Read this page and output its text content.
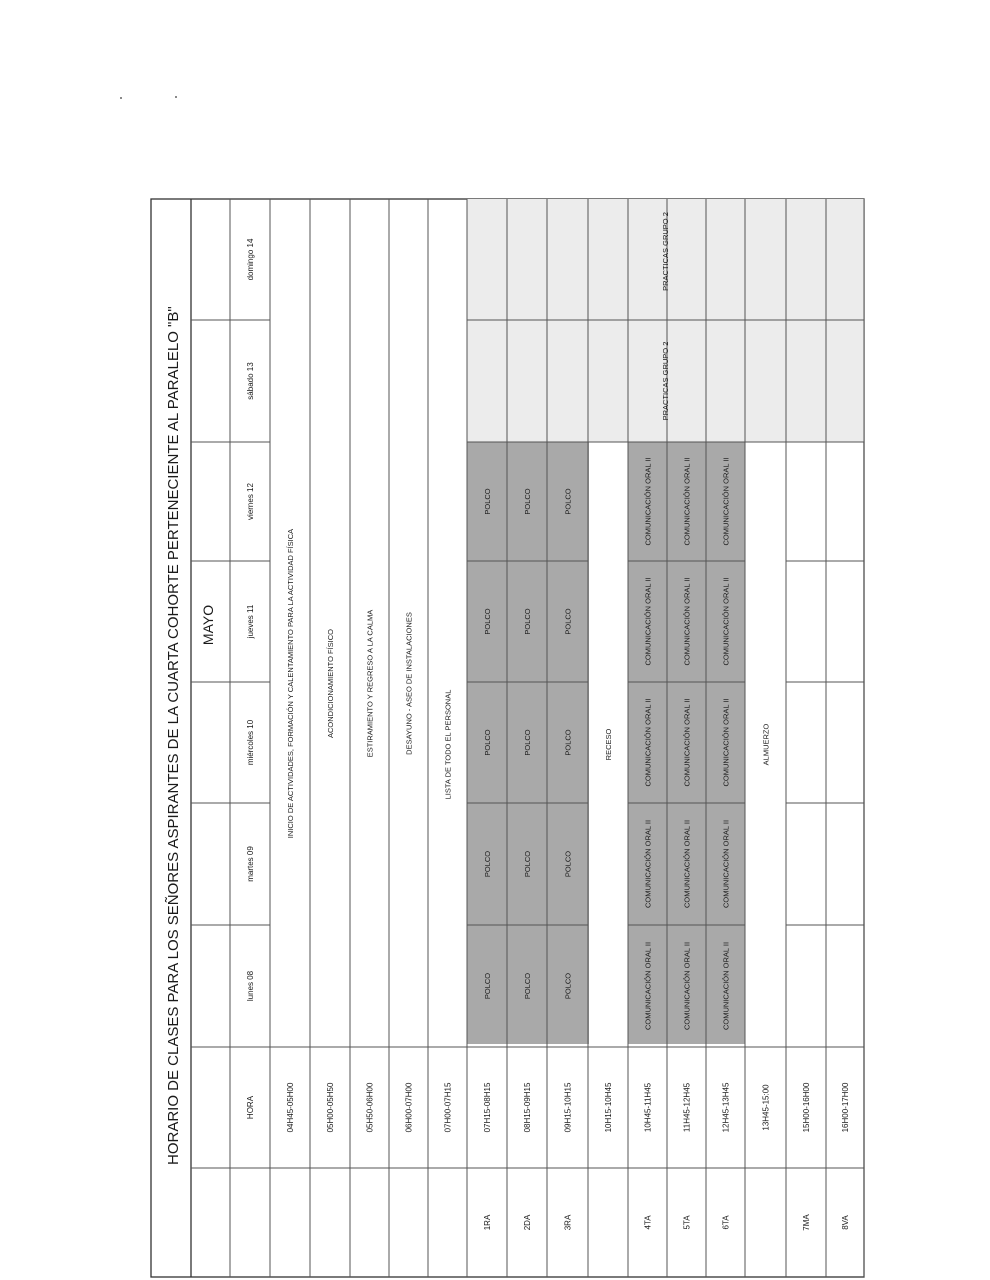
HORARIO DE CLASES PARA LOS SEÑORES ASPIRANTES DE LA CUARTA COHORTE PERTENECIENTE AL PARALELO "B" MAYO
HORA
lunes 08
martes 09
miércoles 10
jueves 11
viernes 12
sábado 13
domingo 14
04H45-05H00
INICIO DE ACTIVIDADES, FORMACIÓN Y CALENTAMIENTO PARA LA ACTIVIDAD FÍSICA
05H00-05H50
ACONDICIONAMIENTO FÍSICO
05H50-06H00
ESTIRAMIENTO Y REGRESO A LA CALMA
06H00-07H00
DESAYUNO - ASEO DE INSTALACIONES
07H00-07H15
LISTA DE TODO EL PERSONAL
1RA
07H15-08H15
POLCO
POLCO
POLCO
POLCO
POLCO
2DA
08H15-09H15
POLCO
POLCO
POLCO
POLCO
POLCO
3RA
09H15-10H15
POLCO
POLCO
POLCO
POLCO
POLCO
10H15-10H45
RECESO
4TA
10H45-11H45
COMUNICACIÓN ORAL II
COMUNICACIÓN ORAL II
COMUNICACIÓN ORAL II
COMUNICACIÓN ORAL II
COMUNICACIÓN ORAL II
5TA
11H45-12H45
COMUNICACIÓN ORAL II
COMUNICACIÓN ORAL II
COMUNICACIÓN ORAL II
COMUNICACIÓN ORAL II
COMUNICACIÓN ORAL II
6TA
12H45-13H45
COMUNICACIÓN ORAL II
COMUNICACIÓN ORAL II
COMUNICACIÓN ORAL II
COMUNICACIÓN ORAL II
COMUNICACIÓN ORAL II
13H45-15:00
ALMUERZO
7MA
15H00-16H00
8VA
16H00-17H00
PRACTICAS GRUPO 2
PRACTICAS GRUPO 2
